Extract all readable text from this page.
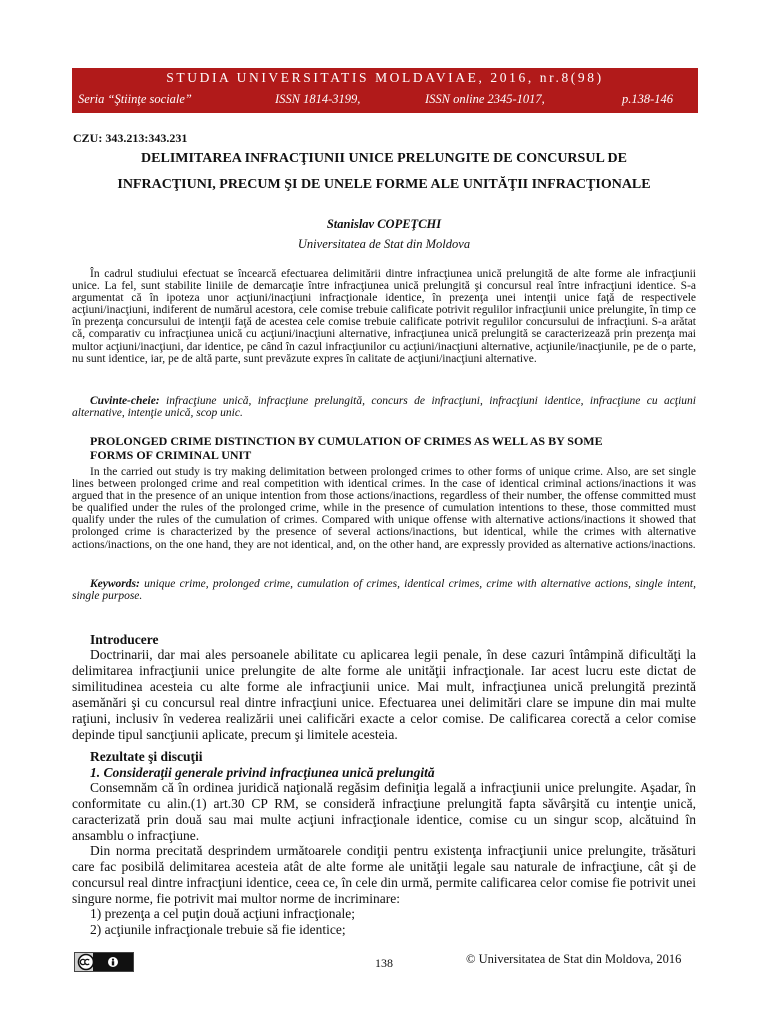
STUDIA UNIVERSITATIS MOLDAVIAE, 2016, nr.8(98)
Seria “Ştiinţe sociale”	ISSN 1814-3199,	ISSN online 2345-1017,	p.138-146
CZU: 343.213:343.231
DELIMITAREA INFRACŢIUNII UNICE PRELUNGITE DE CONCURSUL DE
INFRACŢIUNI, PRECUM ŞI DE UNELE FORME ALE UNITĂŢII INFRACŢIONALE
Stanislav COPEŢCHI
Universitatea de Stat din Moldova
În cadrul studiului efectuat se încearcă efectuarea delimitării dintre infracţiunea unică prelungită de alte forme ale infracţiunii unice. La fel, sunt stabilite liniile de demarcaţie între infracţiunea unică prelungită şi concursul real între infracţiuni identice. S-a argumentat că în ipoteza unor acţiuni/inacţiuni infracţionale identice, în prezenţa unei intenţii unice faţă de respectivele acţiuni/inacţiuni, indiferent de numărul acestora, cele comise trebuie calificate potrivit regulilor infracţiunii unice prelungite, în timp ce în prezenţa concursului de intenţii faţă de acestea cele comise trebuie calificate potrivit regulilor concursului de infracţiuni. S-a arătat că, comparativ cu infracţiunea unică cu acţiuni/inacţiuni alternative, infracţiunea unică prelungită se caracterizează prin prezenţa mai multor acţiuni/inacţiuni, dar identice, pe când în cazul infracţiunilor cu acţiuni/inacţiuni alternative, acţiunile/inacţiunile, pe de o parte, nu sunt identice, iar, pe de altă parte, sunt prevăzute expres în calitate de acţiuni/inacţiuni alternative.
Cuvinte-cheie: infracţiune unică, infracţiune prelungită, concurs de infracţiuni, infracţiuni identice, infracţiune cu acţiuni alternative, intenţie unică, scop unic.
PROLONGED CRIME DISTINCTION BY CUMULATION OF CRIMES AS WELL AS BY SOME
FORMS OF CRIMINAL UNIT
In the carried out study is try making delimitation between prolonged crimes to other forms of unique crime. Also, are set single lines between prolonged crime and real competition with identical crimes. In the case of identical criminal actions/inactions it was argued that in the presence of an unique intention from those actions/inactions, regardless of their number, the offense committed must be qualified under the rules of the prolonged crime, while in the presence of cumulation intentions to these, those committed must qualify under the rules of the cumulation of crimes. Compared with unique offense with alternative actions/inactions it showed that prolonged crime is characterized by the presence of several actions/inactions, but identical, while the crimes with alternative actions/inactions, on the one hand, they are not identical, and, on the other hand, are expressly provided as alternative actions/inactions.
Keywords: unique crime, prolonged crime, cumulation of crimes, identical crimes, crime with alternative actions, single intent, single purpose.
Introducere
Doctrinarii, dar mai ales persoanele abilitate cu aplicarea legii penale, în dese cazuri întâmpină dificultăţi la delimitarea infracţiunii unice prelungite de alte forme ale unităţii infracţionale. Iar acest lucru este dictat de similitudinea acesteia cu alte forme ale infracţiunii unice. Mai mult, infracţiunea unică prelungită prezintă asemănări şi cu concursul real dintre infracţiuni unice. Efectuarea unei delimitări clare se impune din mai multe raţiuni, inclusiv în vederea realizării unei calificări exacte a celor comise. De calificarea corectă a celor comise depinde tipul sancţiunii aplicate, precum şi limitele acesteia.
Rezultate şi discuţii
1. Consideraţii generale privind infracţiunea unică prelungită
Consemnăm că în ordinea juridică naţională regăsim definiţia legală a infracţiunii unice prelungite. Aşadar, în conformitate cu alin.(1) art.30 CP RM, se consideră infracţiune prelungită fapta săvârşită cu intenţie unică, caracterizată prin două sau mai multe acţiuni infracţionale identice, comise cu un singur scop, alcătuind în ansamblu o infracţiune.
Din norma precitată desprindem următoarele condiţii pentru existenţa infracţiunii unice prelungite, trăsături care fac posibilă delimitarea acesteia atât de alte forme ale unităţii legale sau naturale de infracţiune, cât şi de concursul real dintre infracţiuni identice, ceea ce, în cele din urmă, permite calificarea celor comise fie potrivit unei singure norme, fie potrivit mai multor norme de incriminare:
1) prezenţa a cel puţin două acţiuni infracţionale;
2) acţiunile infracţionale trebuie să fie identice;
138	© Universitatea de Stat din Moldova, 2016
